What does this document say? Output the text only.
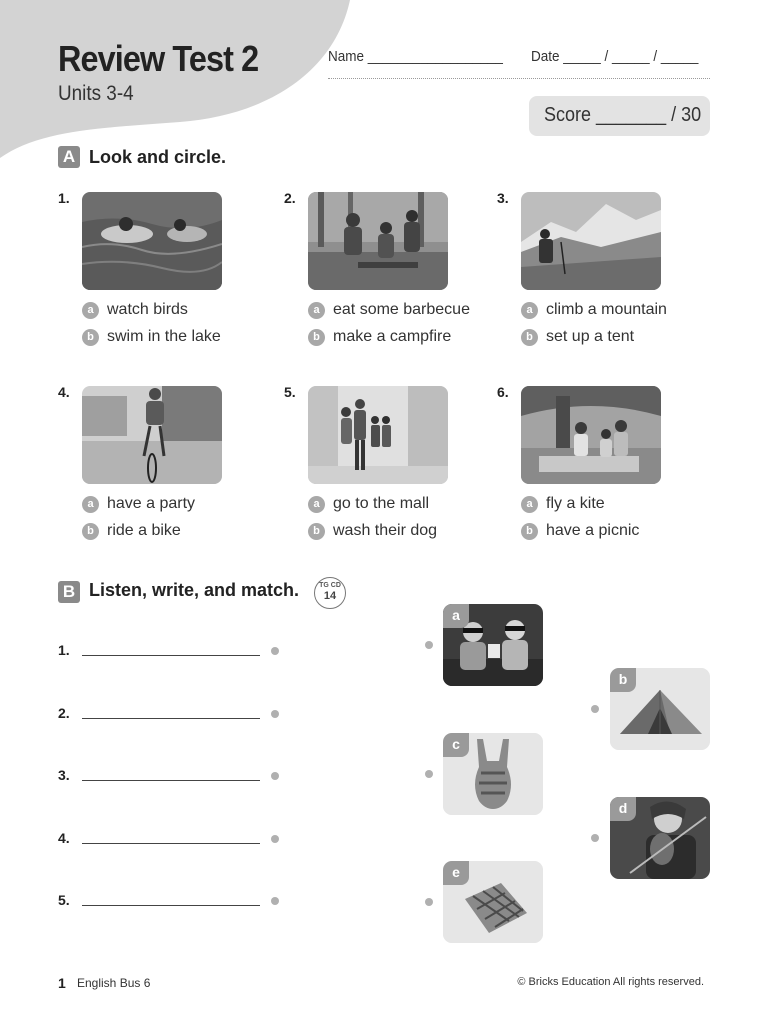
Review Test 2
Units 3-4
Name __________________ Date _____ / _____ / _____
Score _______ / 30
A Look and circle.
1.
a watch birds
b swim in the lake
2.
a eat some barbecue
b make a campfire
3.
a climb a mountain
b set up a tent
4.
a have a party
b ride a bike
5.
a go to the mall
b wash their dog
6.
a fly a kite
b have a picnic
B Listen, write, and match.	TG CD
14
1.
2.
3.
4.
5.
a
b
c
d
e
1 English Bus 6	© Bricks Education All rights reserved.
